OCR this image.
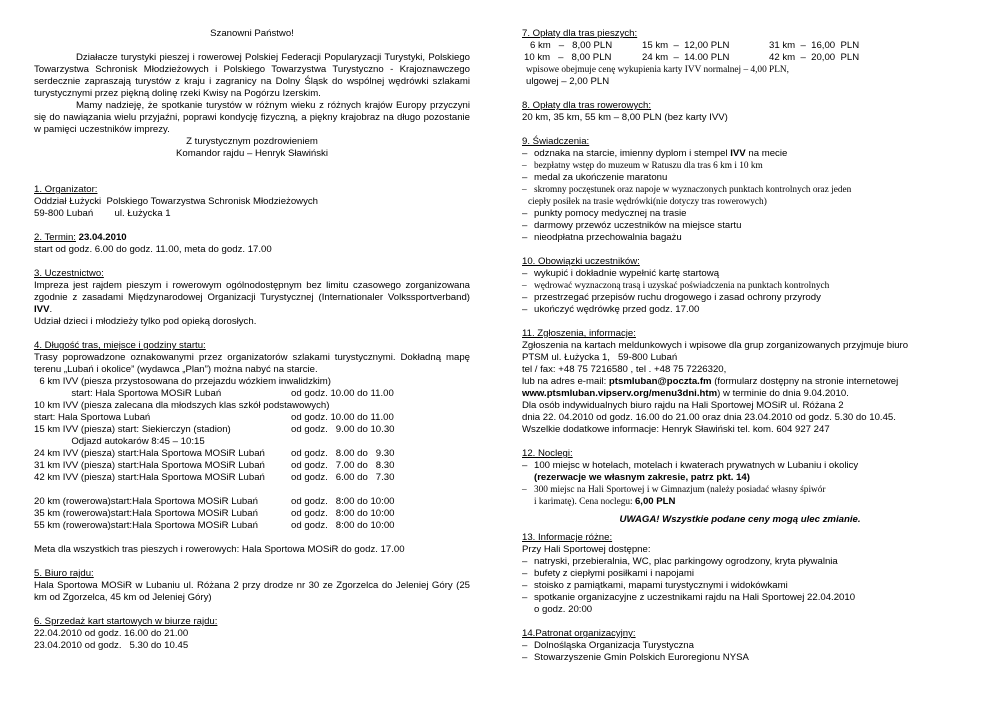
Szanowni Państwo!

Działacze turystyki pieszej i rowerowej Polskiej Federacji Popularyzacji Turystyki, Polskiego Towarzystwa Schronisk Młodzieżowych i Polskiego Towarzystwa Turystyczno - Krajoznawczego serdecznie zapraszają turystów z kraju i zagranicy na Dolny Śląsk do wspólnej wędrówki szlakami turystycznymi przez piękną dolinę rzeki Kwisy na Pogórzu Izerskim.

Mamy nadzieję, że spotkanie turystów w różnym wieku z różnych krajów Europy przyczyni się do nawiązania wielu przyjaźni, poprawi kondycję fizyczną, a piękny krajobraz na długo pozostanie w pamięci uczestników imprezy.

Z turystycznym pozdrowieniem

Komandor rajdu – Henryk Sławiński

1. Organizator:

Oddział Łużycki  Polskiego Towarzystwa Schronisk Młodzieżowych

59-800 Lubań        ul. Łużycka 1

2. Termin: 23.04.2010

start od godz. 6.00 do godz. 11.00, meta do godz. 17.00

3. Uczestnictwo:

Impreza jest rajdem pieszym i rowerowym ogólnodostępnym bez limitu czasowego zorganizowana zgodnie z zasadami Międzynarodowej Organizacji Turystycznej (Internationaler Volkssportverband) IVV.

Udział dzieci i młodzieży tylko pod opieką dorosłych.

4. Długość tras, miejsce i godziny startu:

Trasy poprowadzone oznakowanymi przez organizatorów szlakami turystycznymi. Dokładną mapę terenu „Lubań i okolice” (wydawca „Plan”) można nabyć na starcie.

6 km IVV (piesza przystosowana do przejazdu wózkiem inwalidzkim)

start: Hala Sportowa MOSiR Lubań	od godz. 10.00 do 11.00

10 km IVV (piesza zalecana dla młodszych klas szkół podstawowych)

start: Hala Sportowa Lubań	od godz. 10.00 do 11.00
15 km IVV (piesza) start: Siekierczyn (stadion)	od godz.   9.00 do 10.30

Odjazd autokarów 8:45 – 10:15

24 km IVV (piesza) start:Hala Sportowa MOSiR Lubań	od godz.   8.00 do   9.30
31 km IVV (piesza) start:Hala Sportowa MOSiR Lubań	od godz.   7.00 do   8.30
42 km IVV (piesza) start:Hala Sportowa MOSiR Lubań	od godz.   6.00 do   7.30
20 km (rowerowa)start:Hala Sportowa MOSiR Lubań	od godz.   8:00 do 10:00
35 km (rowerowa)start:Hala Sportowa MOSiR Lubań	od godz.   8:00 do 10:00
55 km (rowerowa)start:Hala Sportowa MOSiR Lubań	od godz.   8:00 do 10:00

Meta dla wszystkich tras pieszych i rowerowych: Hala Sportowa MOSiR do godz. 17.00

5. Biuro rajdu:

Hala Sportowa MOSiR w Lubaniu ul. Różana 2 przy drodze nr 30 ze Zgorzelca do Jeleniej Góry (25 km od Zgorzelca, 45 km od Jeleniej Góry)

6. Sprzedaż kart startowych w biurze rajdu:

22.04.2010 od godz. 16.00 do 21.00

23.04.2010 od godz.   5.30 do 10.45

7. Opłaty dla tras pieszych:

6 km   –   8,00 PLN	15 km  –  12,00 PLN	31 km  –  16,00  PLN
10 km   –   8,00 PLN	24 km  –  14.00 PLN	42 km  –  20,00  PLN

wpisowe obejmuje cenę wykupienia karty IVV normalnej – 4,00 PLN,

ulgowej – 2,00 PLN

8. Opłaty dla tras rowerowych:

20 km, 35 km, 55 km – 8,00 PLN (bez karty IVV)

9. Świadczenia:

– odznaka na starcie, imienny dyplom i stempel IVV na mecie
– bezpłatny wstęp do muzeum w Ratuszu dla tras 6 km i 10 km
– medal za ukończenie maratonu
– skromny poczęstunek oraz napoje w wyznaczonych punktach kontrolnych oraz jeden

ciepły posiłek na trasie wędrówki(nie dotyczy tras rowerowych)

– punkty pomocy medycznej na trasie
– darmowy przewóz uczestników na miejsce startu
– nieodpłatna przechowalnia bagażu

10. Obowiązki uczestników:

– wykupić i dokładnie wypełnić kartę startową
– wędrować wyznaczoną trasą i uzyskać poświadczenia na punktach kontrolnych
– przestrzegać przepisów ruchu drogowego i zasad ochrony przyrody
– ukończyć wędrówkę przed godz. 17.00

11. Zgłoszenia, informacje:

Zgłoszenia na kartach meldunkowych i wpisowe dla grup zorganizowanych przyjmuje biuro

PTSM ul. Łużycka 1,   59-800 Lubań

tel / fax: +48 75 7216580 , tel . +48 75 7226320,

lub na adres e-mail: ptsmluban@poczta.fm (formularz dostępny na stronie internetowej

www.ptsmluban.vipserv.org/menu3dni.htm) w terminie do dnia 9.04.2010.

Dla osób indywidualnych biuro rajdu na Hali Sportowej MOSiR ul. Różana 2

dnia 22. 04.2010 od godz. 16.00 do 21.00 oraz dnia 23.04.2010 od godz. 5.30 do 10.45.

Wszelkie dodatkowe informacje: Henryk Sławiński tel. kom. 604 927 247

12. Noclegi:

– 100 miejsc w hotelach, motelach i kwaterach prywatnych w Lubaniu i okolicy

(rezerwacje we własnym zakresie, patrz pkt. 14)

– 300 miejsc na Hali Sportowej i w Gimnazjum (należy posiadać własny śpiwór

i karimatę). Cena noclegu: 6,00 PLN

UWAGA! Wszystkie podane ceny mogą ulec zmianie.

13. Informacje różne:

Przy Hali Sportowej dostępne:

– natryski, przebieralnia, WC, plac parkingowy ogrodzony, kryta pływalnia
– bufety z ciepłymi posiłkami i napojami
– stoisko z pamiątkami, mapami turystycznymi i widokówkami
– spotkanie organizacyjne z uczestnikami rajdu na Hali Sportowej 22.04.2010

o godz. 20:00

14.Patronat organizacyjny:

– Dolnośląska Organizacja Turystyczna
– Stowarzyszenie Gmin Polskich Euroregionu NYSA
